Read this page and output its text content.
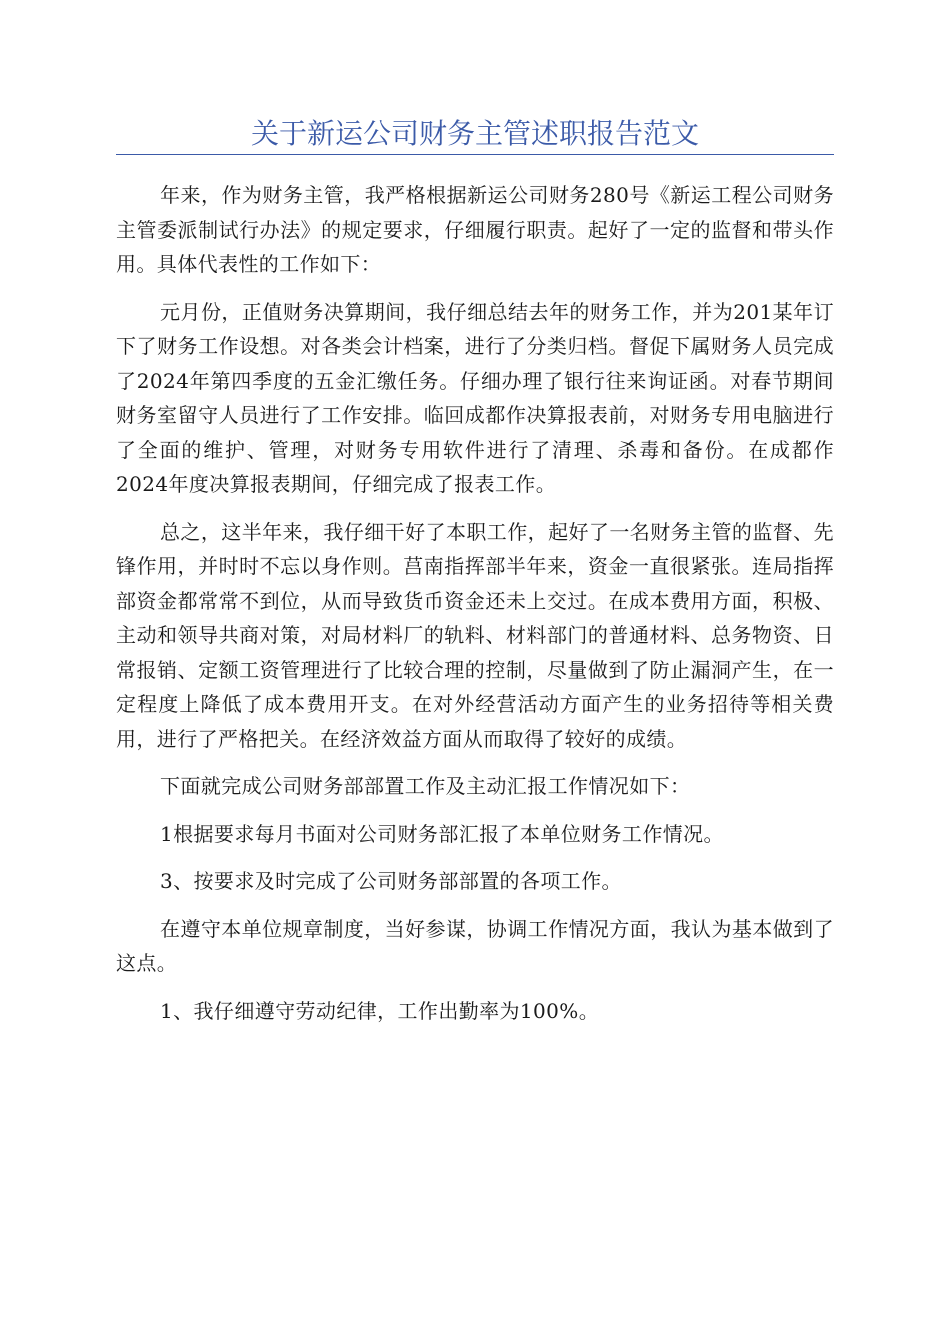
关于新运公司财务主管述职报告范文

年来，作为财务主管，我严格根据新运公司财务280号《新运工程公司财务主管委派制试行办法》的规定要求，仔细履行职责。起好了一定的监督和带头作用。具体代表性的工作如下：

元月份，正值财务决算期间，我仔细总结去年的财务工作，并为201某年订下了财务工作设想。对各类会计档案，进行了分类归档。督促下属财务人员完成了2024年第四季度的五金汇缴任务。仔细办理了银行往来询证函。对春节期间财务室留守人员进行了工作安排。临回成都作决算报表前，对财务专用电脑进行了全面的维护、管理，对财务专用软件进行了清理、杀毒和备份。在成都作2024年度决算报表期间，仔细完成了报表工作。

总之，这半年来，我仔细干好了本职工作，起好了一名财务主管的监督、先锋作用，并时时不忘以身作则。莒南指挥部半年来，资金一直很紧张。连局指挥部资金都常常不到位，从而导致货币资金还未上交过。在成本费用方面，积极、主动和领导共商对策，对局材料厂的轨料、材料部门的普通材料、总务物资、日常报销、定额工资管理进行了比较合理的控制，尽量做到了防止漏洞产生，在一定程度上降低了成本费用开支。在对外经营活动方面产生的业务招待等相关费用，进行了严格把关。在经济效益方面从而取得了较好的成绩。

下面就完成公司财务部部置工作及主动汇报工作情况如下：

1根据要求每月书面对公司财务部汇报了本单位财务工作情况。

3、按要求及时完成了公司财务部部置的各项工作。

在遵守本单位规章制度，当好参谋，协调工作情况方面，我认为基本做到了这点。

1、我仔细遵守劳动纪律，工作出勤率为100%。
